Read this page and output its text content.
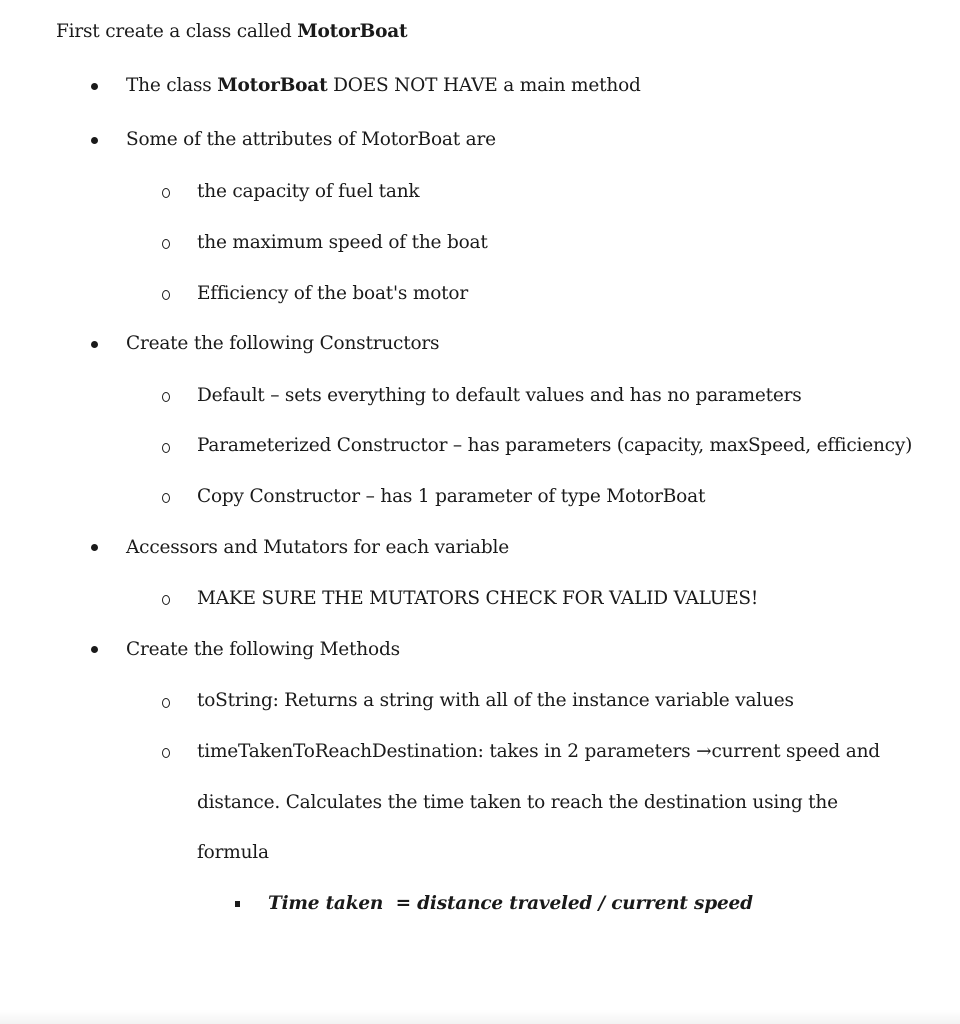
First create a class called MotorBoat
The class MotorBoat DOES NOT HAVE a main method
Some of the attributes of MotorBoat are
the capacity of fuel tank
the maximum speed of the boat
Efficiency of the boat's motor
Create the following Constructors
Default – sets everything to default values and has no parameters
Parameterized Constructor – has parameters (capacity, maxSpeed, efficiency)
Copy Constructor – has 1 parameter of type MotorBoat
Accessors and Mutators for each variable
MAKE SURE THE MUTATORS CHECK FOR VALID VALUES!
Create the following Methods
toString: Returns a string with all of the instance variable values
timeTakenToReachDestination: takes in 2 parameters →current speed and
distance. Calculates the time taken to reach the destination using the
formula
Time taken = distance traveled / current speed
